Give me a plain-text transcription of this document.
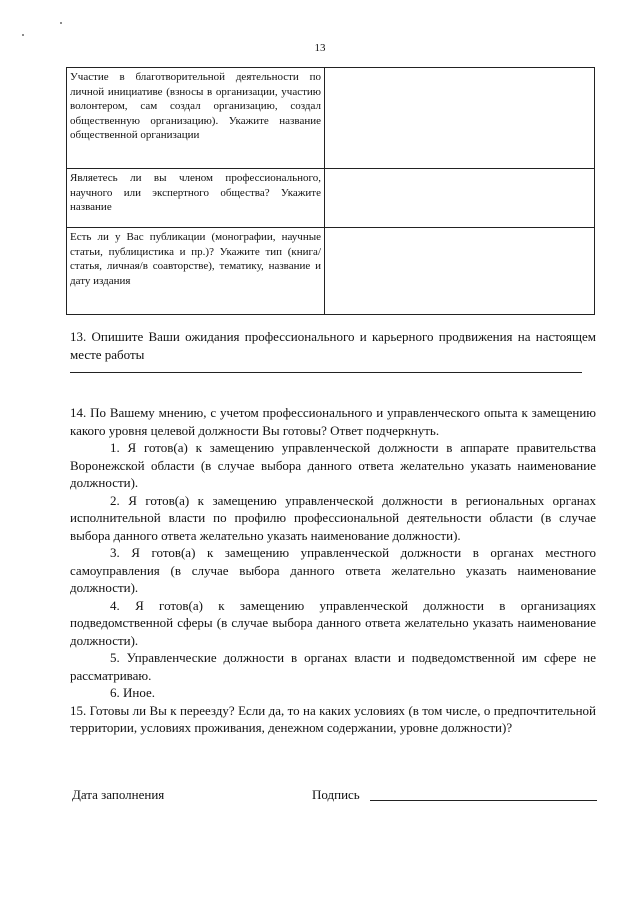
13
Участие в благотворительной деятельности по личной инициативе (взносы в организации, участию волонтером, сам создал организацию, создал общественную организацию). Укажите название общественной организации	
Являетесь ли вы членом профессионального, научного или экспертного общества? Укажите название	
Есть ли у Вас публикации (монографии, научные статьи, публицистика и пр.)? Укажите тип (книга/статья, личная/в соавторстве), тематику, название и дату издания	

13. Опишите Ваши ожидания профессионального и карьерного продвижения на настоящем месте работы

14. По Вашему мнению, с учетом профессионального и управленческого опыта к замещению какого уровня целевой должности Вы готовы? Ответ подчеркнуть.

1. Я готов(а) к замещению управленческой должности в аппарате правительства Воронежской области (в случае выбора данного ответа желательно указать наименование должности).

2. Я готов(а) к замещению управленческой должности в региональных органах исполнительной власти по профилю профессиональной деятельности области (в случае выбора данного ответа желательно указать наименование должности).

3. Я готов(а) к замещению управленческой должности в органах местного самоуправления (в случае выбора данного ответа желательно указать наименование должности).

4. Я готов(а) к замещению управленческой должности в организациях подведомственной сферы (в случае выбора данного ответа желательно указать наименование должности).

5. Управленческие должности в органах власти и подведомственной им сфере не рассматриваю.

6. Иное.

15. Готовы ли Вы к переезду? Если да, то на каких условиях (в том числе, о предпочтительной территории, условиях проживания, денежном содержании, уровне должности)?

Дата заполнения	Подпись
